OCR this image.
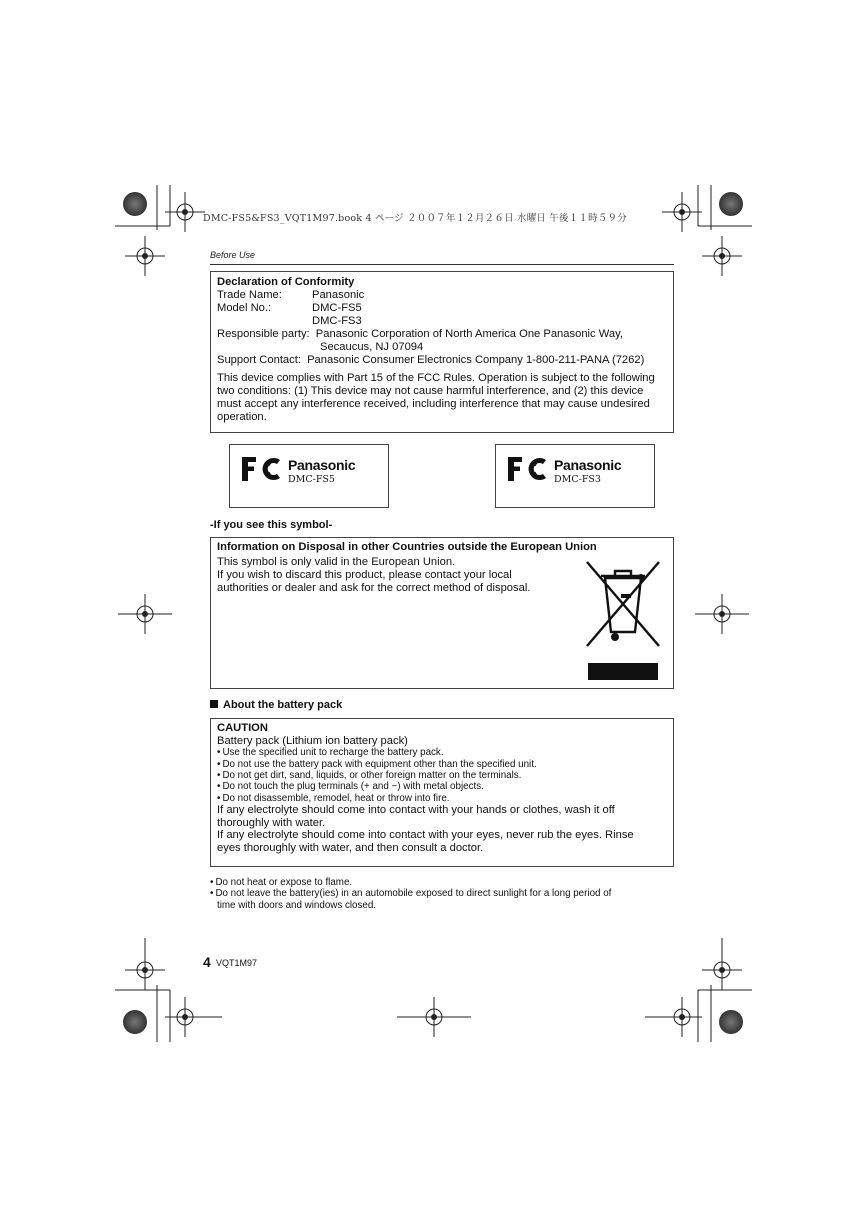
DMC-FS5&FS3_VQT1M97.book 4 ページ ２００７年１２月２６日 水曜日 午後１１時５９分
Before Use
Declaration of Conformity
Trade Name:	Panasonic
Model No.:	DMC-FS5
DMC-FS3
Responsible party: Panasonic Corporation of North America One Panasonic Way,
Secaucus, NJ 07094
Support Contact: Panasonic Consumer Electronics Company 1-800-211-PANA (7262)
This device complies with Part 15 of the FCC Rules. Operation is subject to the following two conditions: (1) This device may not cause harmful interference, and (2) this device must accept any interference received, including interference that may cause undesired operation.
Panasonic
DMC-FS5
Panasonic
DMC-FS3
-If you see this symbol-
Information on Disposal in other Countries outside the European Union
This symbol is only valid in the European Union.
If you wish to discard this product, please contact your local
authorities or dealer and ask for the correct method of disposal.
About the battery pack
CAUTION
Battery pack (Lithium ion battery pack)
• Use the specified unit to recharge the battery pack.
• Do not use the battery pack with equipment other than the specified unit.
• Do not get dirt, sand, liquids, or other foreign matter on the terminals.
• Do not touch the plug terminals (+ and −) with metal objects.
• Do not disassemble, remodel, heat or throw into fire.
If any electrolyte should come into contact with your hands or clothes, wash it off
thoroughly with water.
If any electrolyte should come into contact with your eyes, never rub the eyes. Rinse
eyes thoroughly with water, and then consult a doctor.
• Do not heat or expose to flame.
• Do not leave the battery(ies) in an automobile exposed to direct sunlight for a long period of
time with doors and windows closed.
4 VQT1M97
